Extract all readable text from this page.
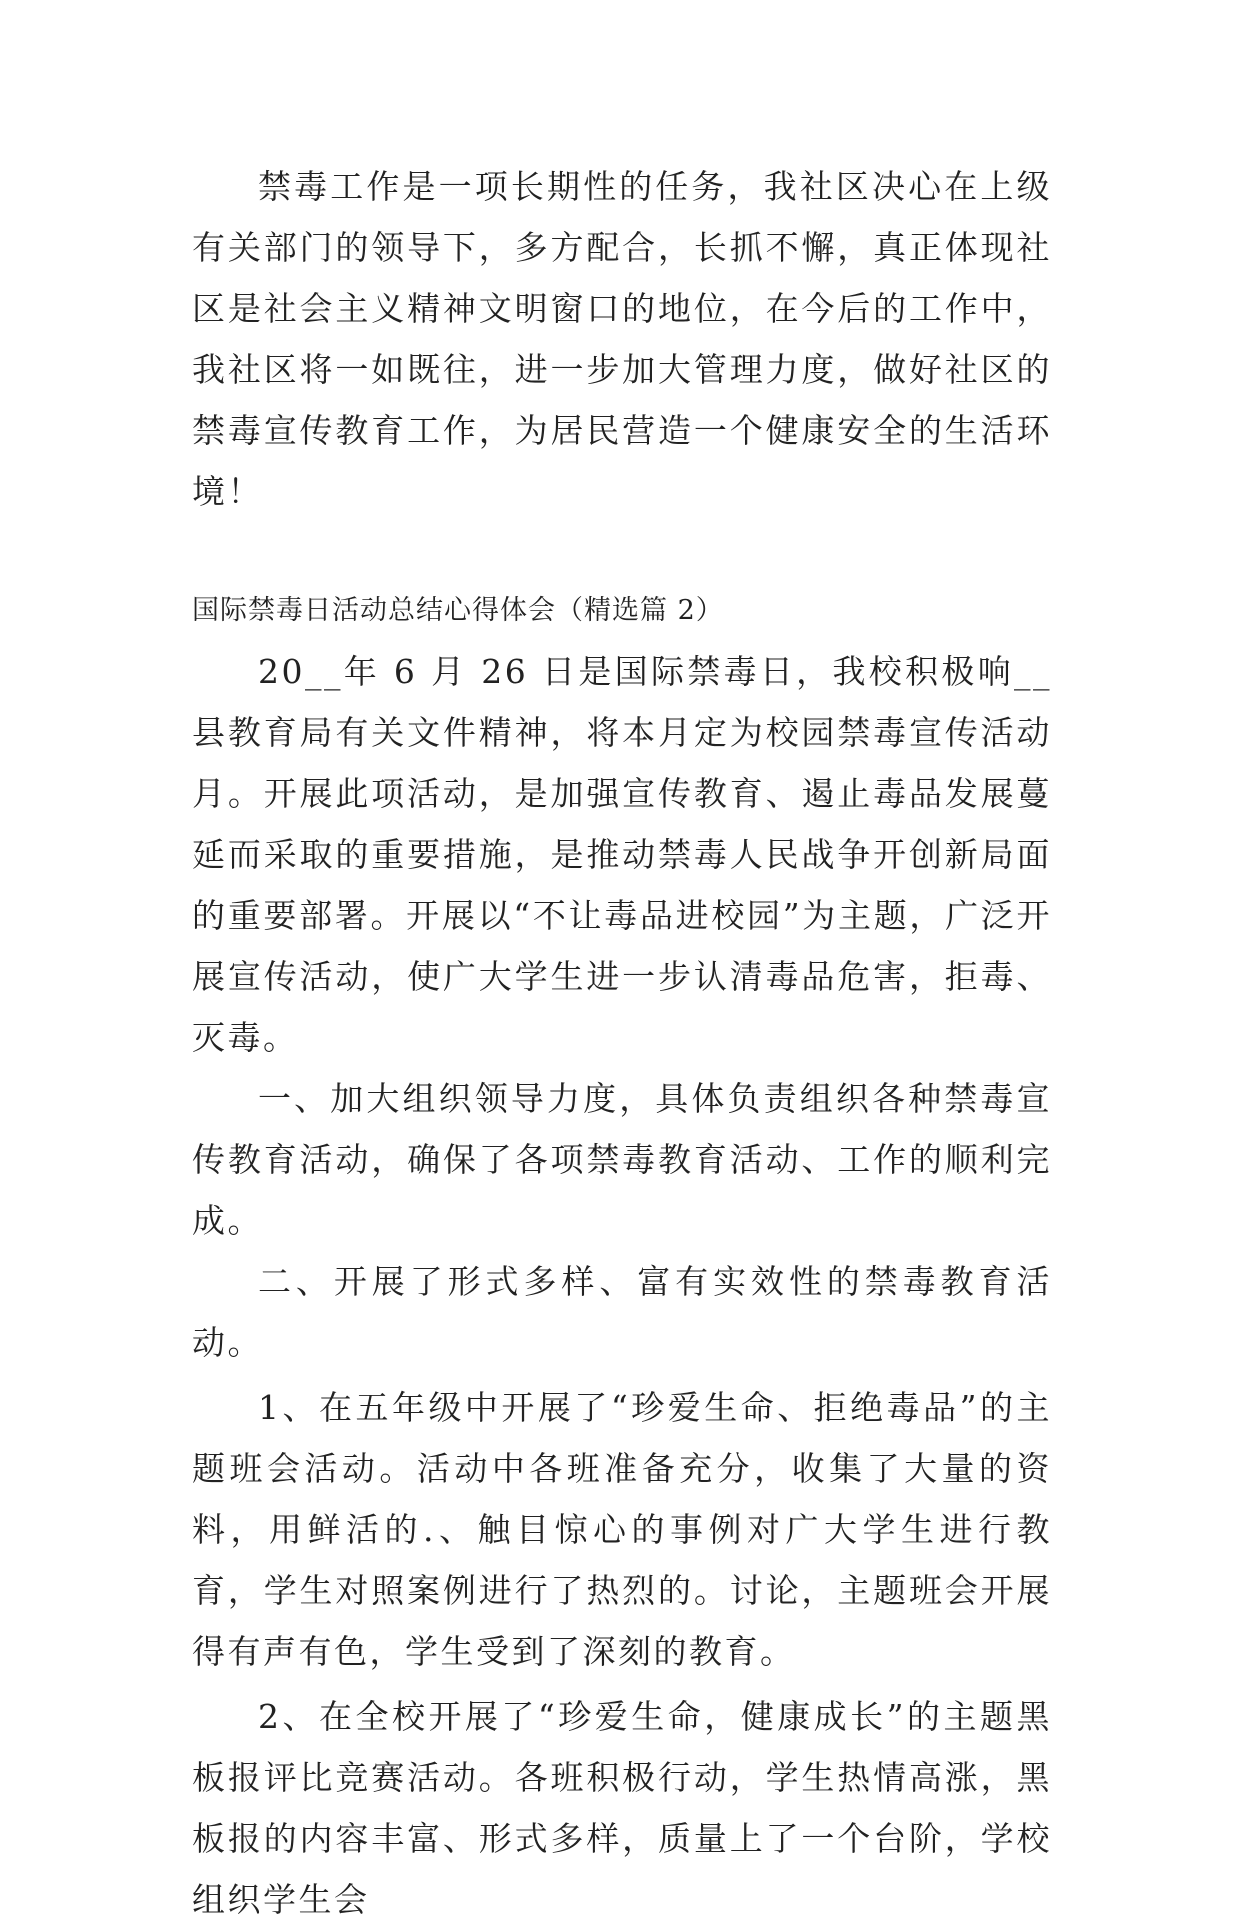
禁毒工作是一项长期性的任务，我社区决心在上级有关部门的领导下，多方配合，长抓不懈，真正体现社区是社会主义精神文明窗口的地位，在今后的工作中，我社区将一如既往，进一步加大管理力度，做好社区的禁毒宣传教育工作，为居民营造一个健康安全的生活环境！

国际禁毒日活动总结心得体会（精选篇 2）

20__年 6 月 26 日是国际禁毒日，我校积极响__县教育局有关文件精神，将本月定为校园禁毒宣传活动月。开展此项活动，是加强宣传教育、遏止毒品发展蔓延而采取的重要措施，是推动禁毒人民战争开创新局面的重要部署。开展以“不让毒品进校园”为主题，广泛开展宣传活动，使广大学生进一步认清毒品危害，拒毒、灭毒。

一、加大组织领导力度，具体负责组织各种禁毒宣传教育活动，确保了各项禁毒教育活动、工作的顺利完成。

二、开展了形式多样、富有实效性的禁毒教育活动。

1、在五年级中开展了“珍爱生命、拒绝毒品”的主题班会活动。活动中各班准备充分，收集了大量的资料，用鲜活的.、触目惊心的事例对广大学生进行教育，学生对照案例进行了热烈的。讨论，主题班会开展得有声有色，学生受到了深刻的教育。

2、在全校开展了“珍爱生命，健康成长”的主题黑板报评比竞赛活动。各班积极行动，学生热情高涨，黑板报的内容丰富、形式多样，质量上了一个台阶，学校组织学生会
